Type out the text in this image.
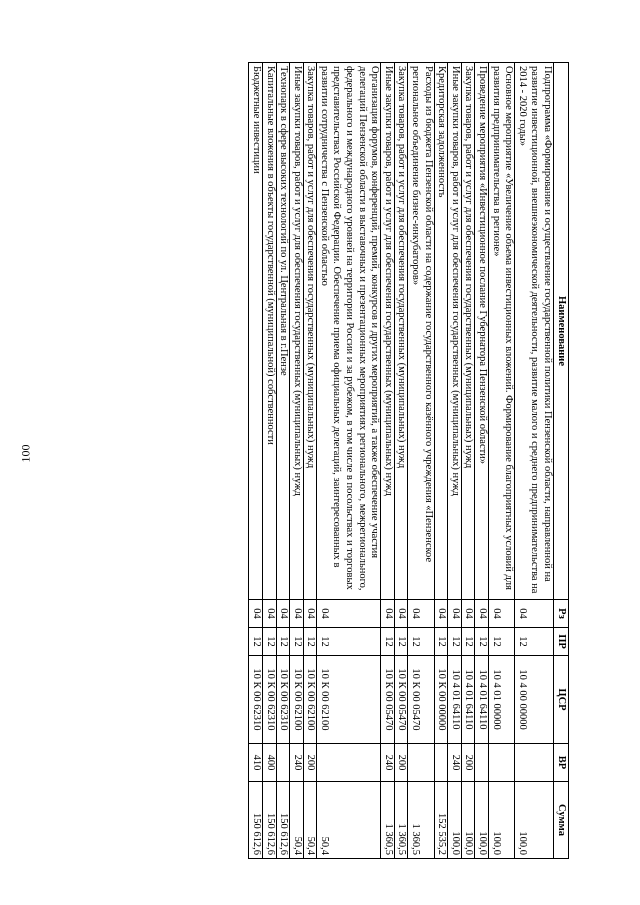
100
Наименование	Рз	ПР	ЦСР	ВР	Сумма
Подпрограмма «Формирование и осуществление государственной политики Пензенской области, направленной на развитие инвестиционной, внешнеэкономической деятельности, развитие малого и среднего предпринимательства на 2014 - 2020 годы»	04	12	10 4 00 00000		100,0
Основное мероприятие «Увеличение объема инвестиционных вложений. Формирование благоприятных условий для развития предпринимательства в регионе»	04	12	10 4 01 00000		100,0
Проведение мероприятия «Инвестиционное послание Губернатора Пензенской области»	04	12	10 4 01 64110		100,0
Закупка товаров, работ и услуг для обеспечения государственных (муниципальных) нужд	04	12	10 4 01 64110	200	100,0
Иные закупки товаров, работ и услуг для обеспечения государственных (муниципальных) нужд	04	12	10 4 01 64110	240	100,0
Кредиторская задолженность	04	12	10 К 00 00000		152 535,2
Расходы из бюджета Пензенской области на содержание государственного казённого учреждения «Пензенское региональное объединение бизнес-инкубаторов»	04	12	10 К 00 05470		1 360,5
Закупка товаров, работ и услуг для обеспечения государственных (муниципальных) нужд	04	12	10 К 00 05470	200	1 360,5
Иные закупки товаров, работ и услуг для обеспечения государственных (муниципальных) нужд	04	12	10 К 00 05470	240	1 360,5
Организация форумов, конференций, премий, конкурсов и других мероприятий, а также обеспечение участия делегаций Пензенской области в выставочных и презентационных мероприятиях регионального, межрегионального, федерального и международного уровней на территории России и за рубежом, в том числе в посольствах и торговых представительствах Российской Федерации. Обеспечение приема официальных делегаций, заинтересованных в развитии сотрудничества с Пензенской областью	04	12	10 К 00 62100		50,4
Закупка товаров, работ и услуг для обеспечения государственных (муниципальных) нужд	04	12	10 К 00 62100	200	50,4
Иные закупки товаров, работ и услуг для обеспечения государственных (муниципальных) нужд	04	12	10 К 00 62100	240	50,4
Технопарк в сфере высоких технологий по ул. Центральная в г.Пензе	04	12	10 К 00 62310		150 612,6
Капитальные вложения в объекты государственной (муниципальной) собственности	04	12	10 К 00 62310	400	150 612,6
Бюджетные инвестиции	04	12	10 К 00 62310	410	150 612,6
